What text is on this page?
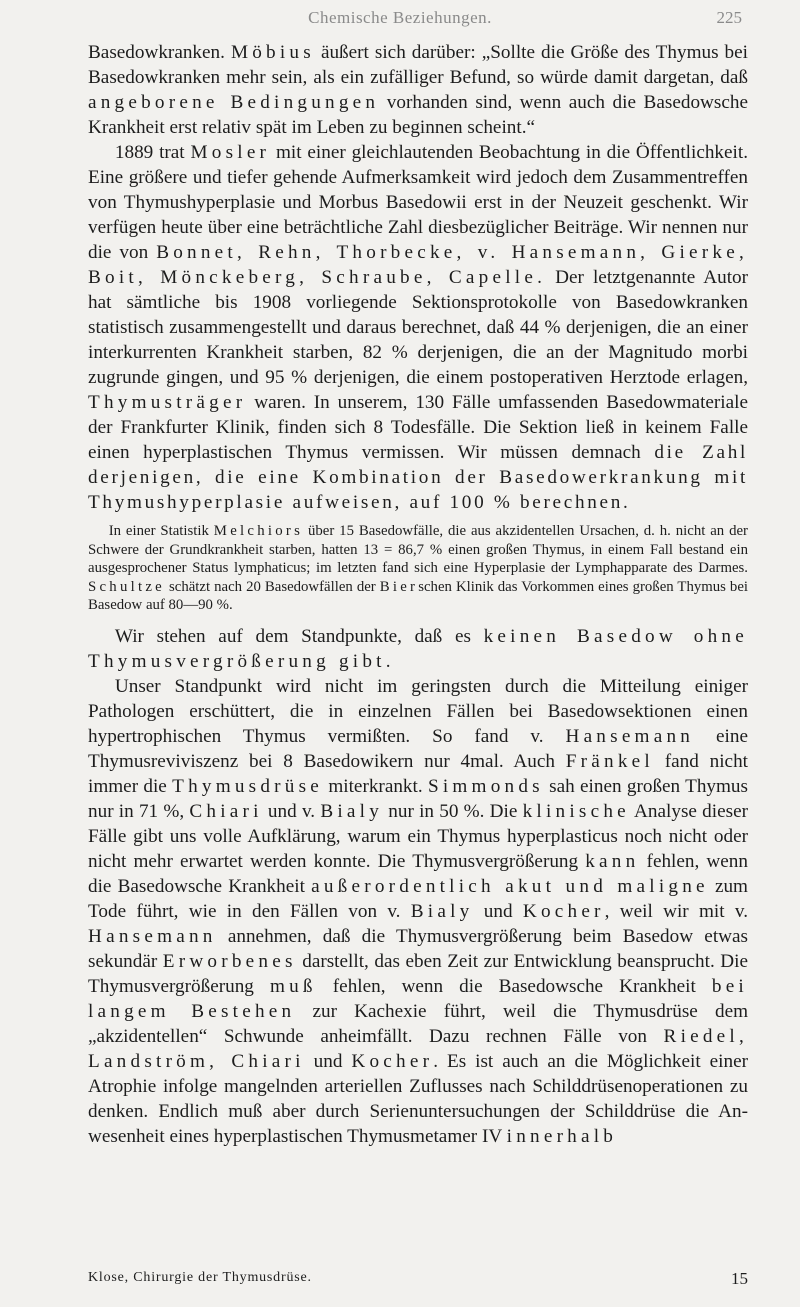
Chemische Beziehungen.	225

Basedowkranken. Möbius äußert sich darüber: „Sollte die Größe des Thymus bei Basedowkranken mehr sein, als ein zufälliger Befund, so würde damit dargetan, daß angeborene Bedingungen vorhanden sind, wenn auch die Basedowsche Krankheit erst relativ spät im Leben zu beginnen scheint.“

1889 trat Mosler mit einer gleichlautenden Beobachtung in die Öffentlichkeit. Eine größere und tiefer gehende Aufmerksamkeit wird jedoch dem Zusammentreffen von Thymushyperplasie und Morbus Basedowii erst in der Neuzeit geschenkt. Wir verfügen heute über eine beträchtliche Zahl diesbezüglicher Beiträge. Wir nennen nur die von Bonnet, Rehn, Thorbecke, v. Hansemann, Gierke, Boit, Mönckeberg, Schraube, Capelle. Der letztgenannte Autor hat sämtliche bis 1908 vorliegende Sektionsprotokolle von Basedowkranken statistisch zusammengestellt und daraus berechnet, daß 44 % derjenigen, die an einer interkurrenten Krankheit starben, 82 % derjenigen, die an der Magnitudo morbi zugrunde gingen, und 95 % derjenigen, die einem postoperativen Herztode erlagen, Thymusträger waren. In unserem, 130 Fälle umfassenden Basedowmateriale der Frankfurter Klinik, finden sich 8 Todesfälle. Die Sektion ließ in keinem Falle einen hyperplastischen Thymus vermissen. Wir müssen demnach die Zahl derjenigen, die eine Kombination der Basedowerkrankung mit Thymushyperplasie aufweisen, auf 100 % berechnen.

In einer Statistik Melchiors über 15 Basedowfälle, die aus akzidentellen Ursachen, d. h. nicht an der Schwere der Grundkrankheit starben, hatten 13 = 86,7 % einen großen Thymus, in einem Fall bestand ein ausgesprochener Status lymphaticus; im letzten fand sich eine Hyperplasie der Lymphapparate des Darmes. Schultze schätzt nach 20 Basedowfällen der Bierschen Klinik das Vorkommen eines großen Thymus bei Basedow auf 80—90 %.

Wir stehen auf dem Standpunkte, daß es keinen Basedow ohne Thymusvergrößerung gibt.

Unser Standpunkt wird nicht im geringsten durch die Mitteilung einiger Pathologen erschüttert, die in einzelnen Fällen bei Basedowsektionen einen hypertrophischen Thymus vermißten. So fand v. Hansemann eine Thymusreviviszenz bei 8 Basedowikern nur 4mal. Auch Fränkel fand nicht immer die Thymusdrüse miterkrankt. Simmonds sah einen großen Thymus nur in 71 %, Chiari und v. Bialy nur in 50 %. Die klinische Analyse dieser Fälle gibt uns volle Aufklärung, warum ein Thymus hyperplasticus noch nicht oder nicht mehr erwartet werden konnte. Die Thymusvergrößerung kann fehlen, wenn die Basedowsche Krankheit außerordentlich akut und maligne zum Tode führt, wie in den Fällen von v. Bialy und Kocher, weil wir mit v. Hansemann annehmen, daß die Thymusvergrößerung beim Basedow etwas sekundär Erworbenes darstellt, das eben Zeit zur Entwicklung beansprucht. Die Thymusvergrößerung muß fehlen, wenn die Basedowsche Krankheit bei langem Bestehen zur Kachexie führt, weil die Thymusdrüse dem „akzidentellen“ Schwunde anheimfällt. Dazu rechnen Fälle von Riedel, Landström, Chiari und Kocher. Es ist auch an die Möglichkeit einer Atrophie infolge mangelnden arteriellen Zuflusses nach Schilddrüsenoperationen zu denken. Endlich muß aber durch Serienuntersuchungen der Schilddrüse die Anwesenheit eines hyperplastischen Thymusmetamer IV innerhalb

Klose, Chirurgie der Thymusdrüse.	15
